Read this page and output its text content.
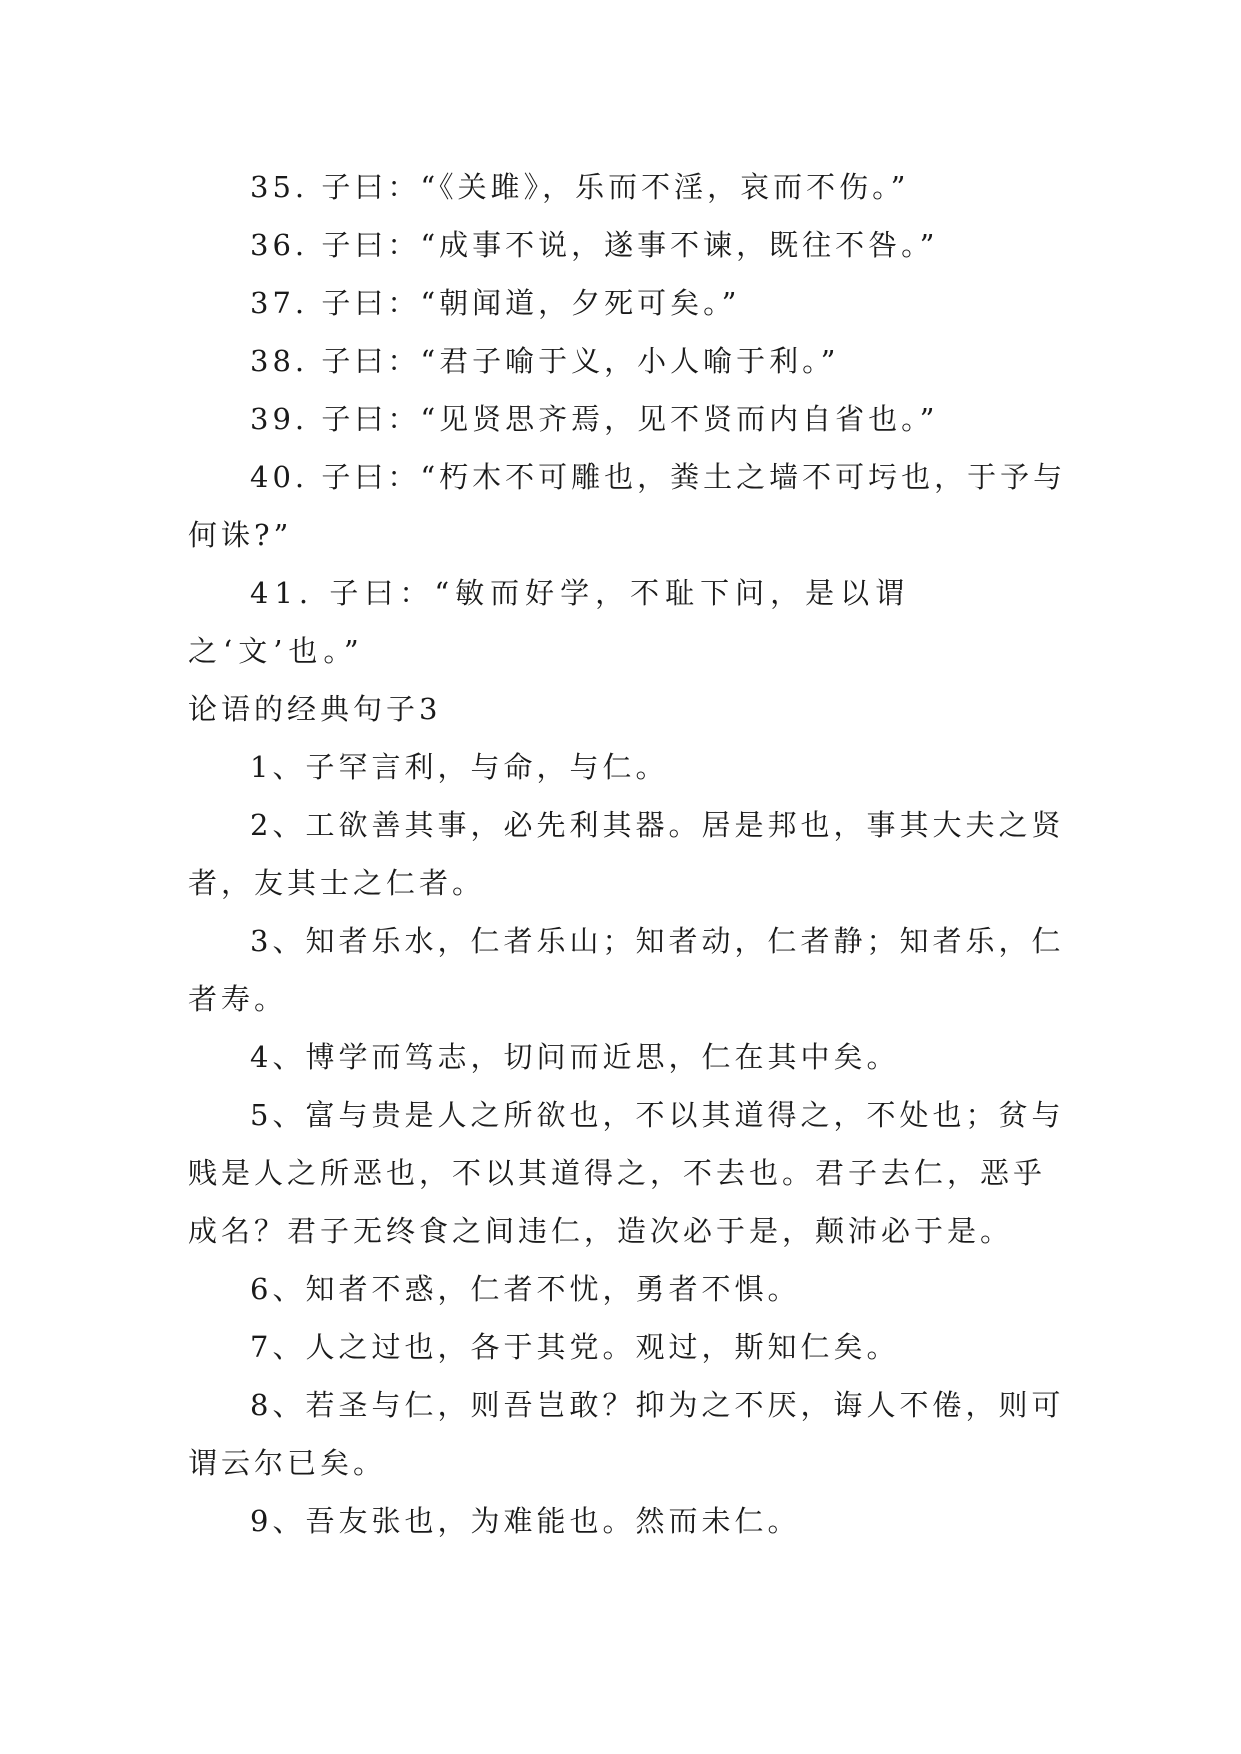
35. 子曰：“《关雎》，乐而不淫，哀而不伤。”

36. 子曰：“成事不说，遂事不谏，既往不咎。”

37. 子曰：“朝闻道，夕死可矣。”

38. 子曰：“君子喻于义，小人喻于利。”

39. 子曰：“见贤思齐焉，见不贤而内自省也。”

40. 子曰：“朽木不可雕也，粪土之墙不可圬也，于予与何诛?”

41. 子曰：“敏而好学，不耻下问，是以谓之‘文’也。”

论语的经典句子3

1、子罕言利，与命，与仁。

2、工欲善其事，必先利其器。居是邦也，事其大夫之贤者，友其士之仁者。

3、知者乐水，仁者乐山；知者动，仁者静；知者乐，仁者寿。

4、博学而笃志，切问而近思，仁在其中矣。

5、富与贵是人之所欲也，不以其道得之，不处也；贫与贱是人之所恶也，不以其道得之，不去也。君子去仁，恶乎成名？君子无终食之间违仁，造次必于是，颠沛必于是。

6、知者不惑，仁者不忧，勇者不惧。

7、人之过也，各于其党。观过，斯知仁矣。

8、若圣与仁，则吾岂敢？抑为之不厌，诲人不倦，则可谓云尔已矣。

9、吾友张也，为难能也。然而未仁。
